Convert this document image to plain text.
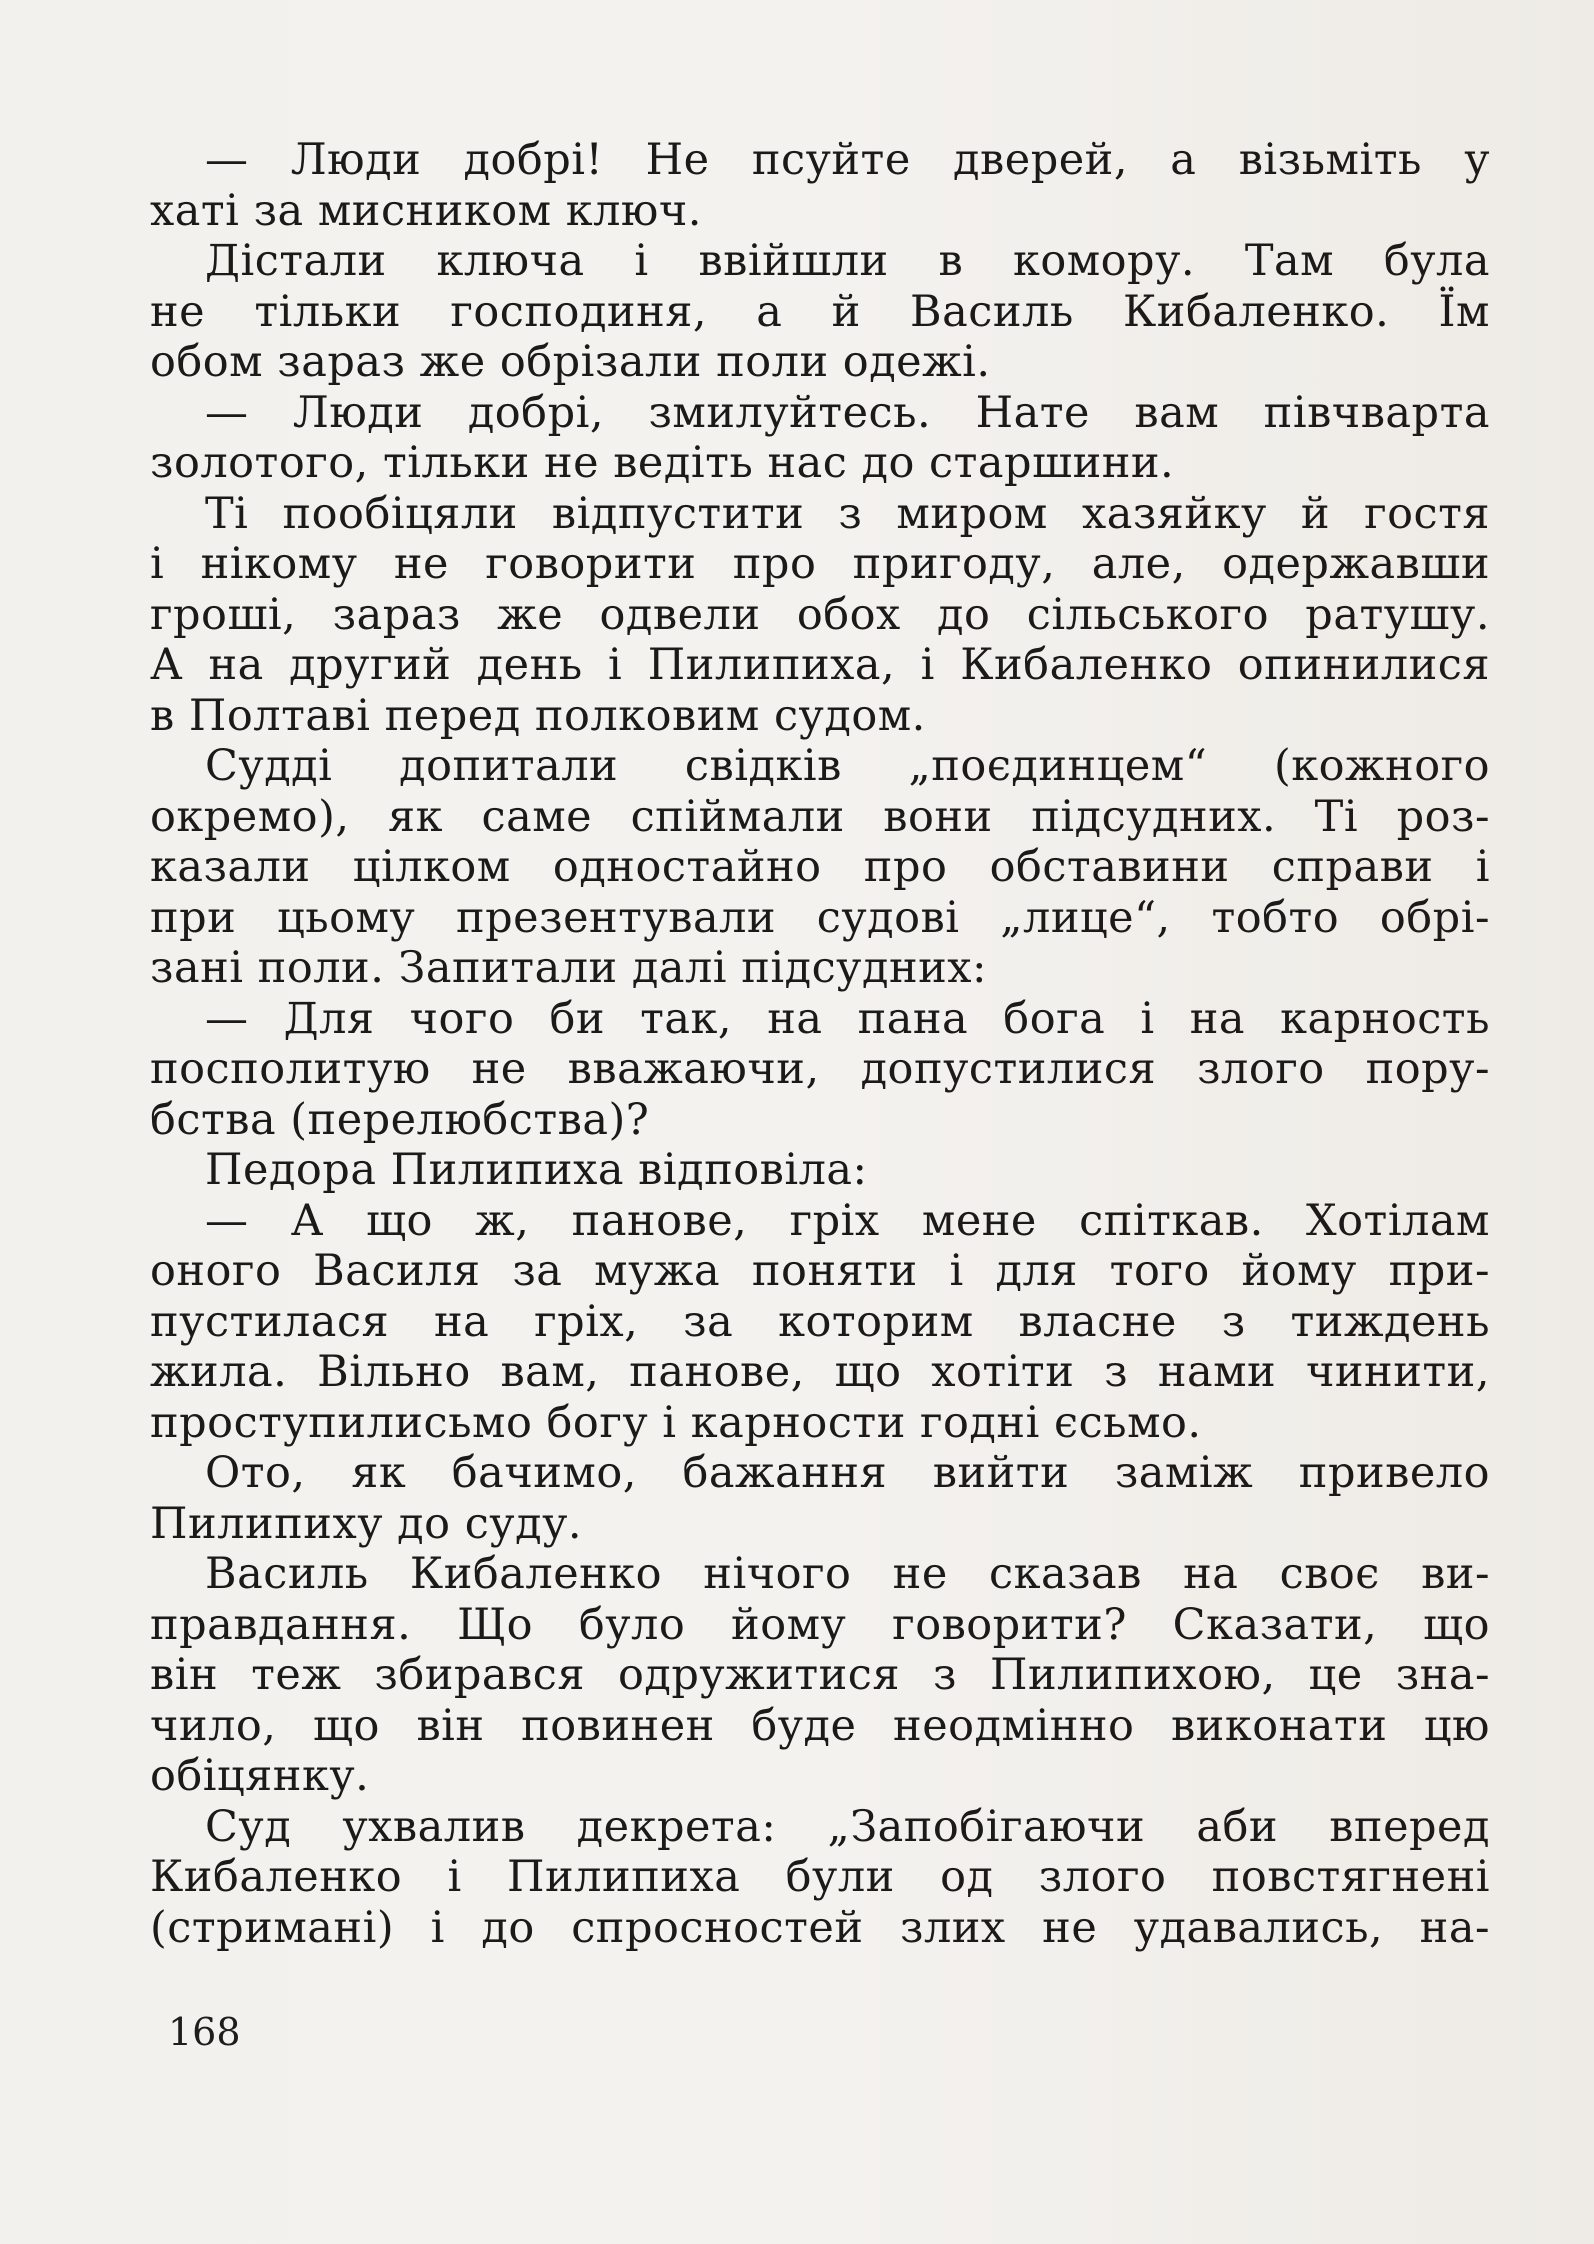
— Люди добрі! Не псуйте дверей, а візьміть у
хаті за мисником ключ.
Дістали ключа і ввійшли в комору. Там була
не тільки господиня, а й Василь Кибаленко. Їм
обом зараз же обрізали поли одежі.
— Люди добрі, змилуйтесь. Нате вам півчварта
золотого, тільки не ведіть нас до старшини.
Ті пообіцяли відпустити з миром хазяйку й гостя
і нікому не говорити про пригоду, але, одержавши
гроші, зараз же одвели обох до сільського ратушу.
А на другий день і Пилипиха, і Кибаленко опинилися
в Полтаві перед полковим судом.
Судді допитали свідків „поєдинцем“ (кожного
окремо), як саме спіймали вони підсудних. Ті роз-
казали цілком одностайно про обставини справи і
при цьому презентували судові „лице“, тобто обрі-
зані поли. Запитали далі підсудних:
— Для чого би так, на пана бога і на карность
посполитую не вважаючи, допустилися злого пору-
бства (перелюбства)?
Педора Пилипиха відповіла:
— А що ж, панове, гріх мене спіткав. Хотілам
оного Василя за мужа поняти і для того йому при-
пустилася на гріх, за которим власне з тиждень
жила. Вільно вам, панове, що хотіти з нами чинити,
проступилисьмо богу і карности годні єсьмо.
Ото, як бачимо, бажання вийти заміж привело
Пилипиху до суду.
Василь Кибаленко нічого не сказав на своє ви-
правдання. Що було йому говорити? Сказати, що
він теж збирався одружитися з Пилипихою, це зна-
чило, що він повинен буде неодмінно виконати цю
обіцянку.
Суд ухвалив декрета: „Запобігаючи аби вперед
Кибаленко і Пилипиха були од злого повстягнені
(стримані) і до спросностей злих не удавались, на-
168
